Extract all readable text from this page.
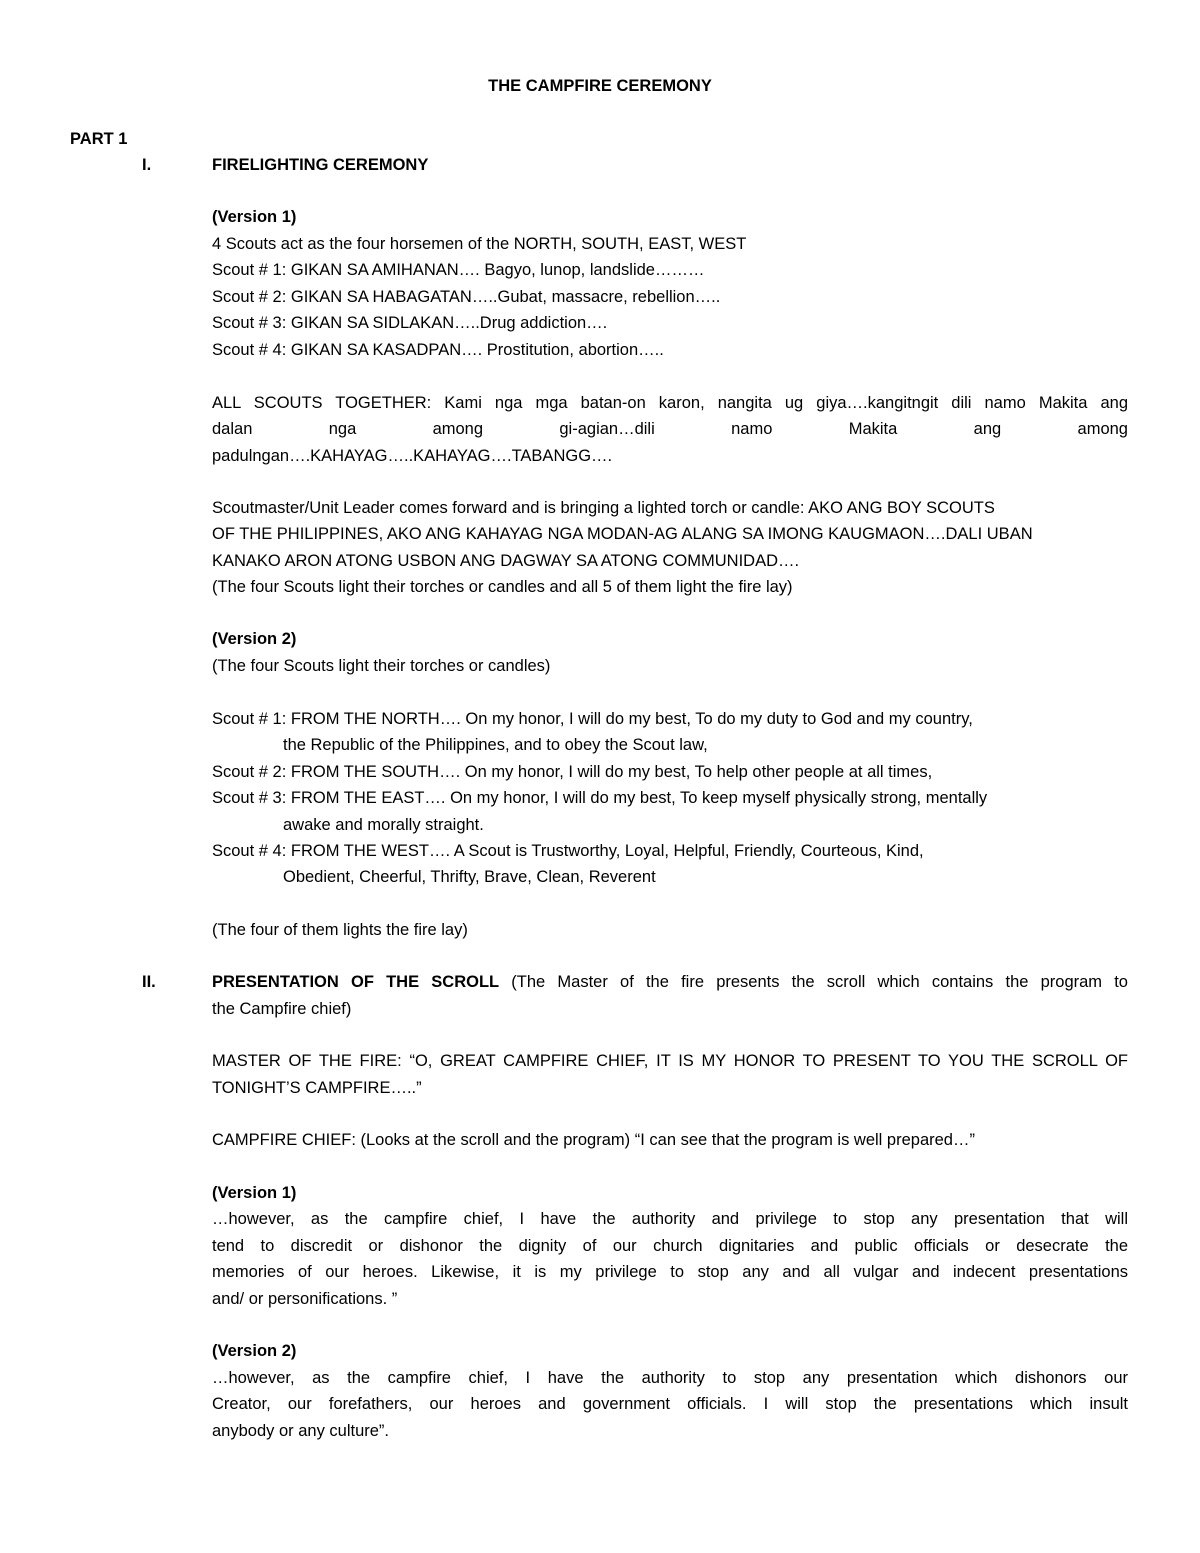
THE CAMPFIRE CEREMONY
PART 1
I.	FIRELIGHTING CEREMONY
(Version 1)
4 Scouts act as the four horsemen of the NORTH, SOUTH, EAST, WEST
Scout # 1: GIKAN SA AMIHANAN…. Bagyo, lunop, landslide………
Scout # 2: GIKAN SA HABAGATAN…..Gubat, massacre, rebellion…..
Scout # 3: GIKAN SA SIDLAKAN…..Drug addiction….
Scout # 4: GIKAN SA KASADPAN…. Prostitution, abortion…..
ALL SCOUTS TOGETHER: Kami nga mga batan-on karon, nangita ug giya….kangitngit dili namo Makita ang
dalan nga among gi-agian…dili namo Makita ang among
padulngan….KAHAYAG…..KAHAYAG….TABANGG….
Scoutmaster/Unit Leader comes forward and is bringing a lighted torch or candle: AKO ANG BOY SCOUTS
OF THE PHILIPPINES, AKO ANG KAHAYAG NGA MODAN-AG ALANG SA IMONG KAUGMAON….DALI UBAN
KANAKO ARON ATONG USBON ANG DAGWAY SA ATONG COMMUNIDAD….
(The four Scouts light their torches or candles and all 5 of them light the fire lay)
(Version 2)
(The four Scouts light their torches or candles)
Scout # 1: FROM THE NORTH…. On my honor, I will do my best, To do my duty to God and my country,
the Republic of the Philippines, and to obey the Scout law,
Scout # 2: FROM THE SOUTH…. On my honor, I will do my best, To help other people at all times,
Scout # 3: FROM THE EAST…. On my honor, I will do my best, To keep myself physically strong, mentally
awake and morally straight.
Scout # 4: FROM THE WEST…. A Scout is Trustworthy, Loyal, Helpful, Friendly, Courteous, Kind,
Obedient, Cheerful, Thrifty, Brave, Clean, Reverent
(The four of them lights the fire lay)
II.	PRESENTATION OF THE SCROLL (The Master of the fire presents the scroll which contains the program to
the Campfire chief)
MASTER OF THE FIRE: “O, GREAT CAMPFIRE CHIEF, IT IS MY HONOR TO PRESENT TO YOU THE SCROLL OF
TONIGHT’S CAMPFIRE…..”
CAMPFIRE CHIEF: (Looks at the scroll and the program) “I can see that the program is well prepared…”
(Version 1)
…however, as the campfire chief, I have the authority and privilege to stop any presentation that will
tend to discredit or dishonor the dignity of our church dignitaries and public officials or desecrate the
memories of our heroes. Likewise, it is my privilege to stop any and all vulgar and indecent presentations
and/ or personifications. ”
(Version 2)
…however, as the campfire chief, I have the authority to stop any presentation which dishonors our
Creator, our forefathers, our heroes and government officials. I will stop the presentations which insult
anybody or any culture”.
